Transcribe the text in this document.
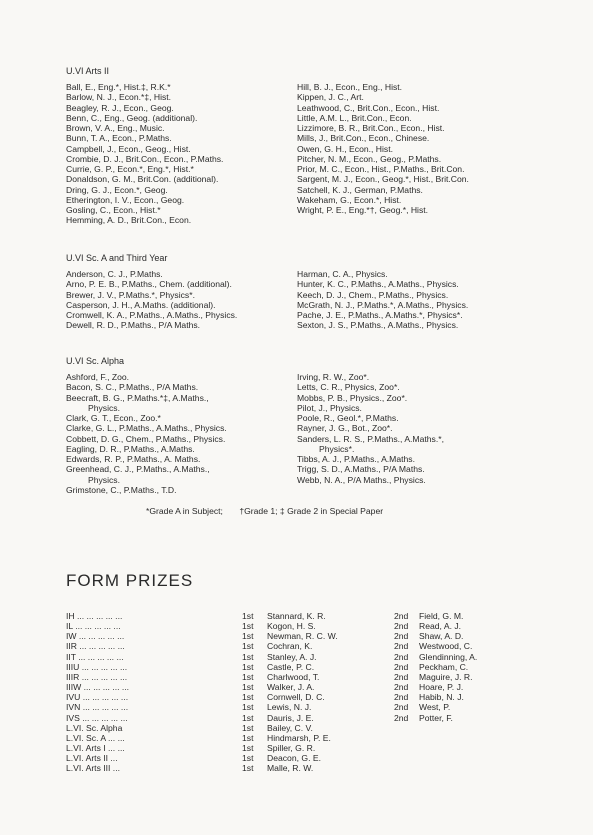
U.VI Arts II
Ball, E., Eng.*, Hist.‡, R.K.*
Barlow, N. J., Econ.*‡, Hist.
Beagley, R. J., Econ., Geog.
Benn, C., Eng., Geog. (additional).
Brown, V. A., Eng., Music.
Bunn, T. A., Econ., P.Maths.
Campbell, J., Econ., Geog., Hist.
Crombie, D. J., Brit.Con., Econ., P.Maths.
Currie, G. P., Econ.*, Eng.*, Hist.*
Donaldson, G. M., Brit.Con. (additional).
Dring, G. J., Econ.*, Geog.
Etherington, I. V., Econ., Geog.
Gosling, C., Econ., Hist.*
Hemming, A. D., Brit.Con., Econ.
Hill, B. J., Econ., Eng., Hist.
Kippen, J. C., Art.
Leathwood, C., Brit.Con., Econ., Hist.
Little, A.M. L., Brit.Con., Econ.
Lizzimore, B. R., Brit.Con., Econ., Hist.
Mills, J., Brit.Con., Econ., Chinese.
Owen, G. H., Econ., Hist.
Pitcher, N. M., Econ., Geog., P.Maths.
Prior, M. C., Econ., Hist., P.Maths., Brit.Con.
Sargent, M. J., Econ., Geog.*, Hist., Brit.Con.
Satchell, K. J., German, P.Maths.
Wakeham, G., Econ.*, Hist.
Wright, P. E., Eng.*†, Geog.*, Hist.
U.VI Sc. A and Third Year
Anderson, C. J., P.Maths.
Arno, P. E. B., P.Maths., Chem. (additional).
Brewer, J. V., P.Maths.*, Physics*.
Casperson, J. H., A.Maths. (additional).
Cromwell, K. A., P.Maths., A.Maths., Physics.
Dewell, R. D., P.Maths., P/A Maths.
Harman, C. A., Physics.
Hunter, K. C., P.Maths., A.Maths., Physics.
Keech, D. J., Chem., P.Maths., Physics.
McGrath, N. J., P.Maths.*, A.Maths., Physics.
Pache, J. E., P.Maths., A.Maths.*, Physics*.
Sexton, J. S., P.Maths., A.Maths., Physics.
U.VI Sc. Alpha
Ashford, F., Zoo.
Bacon, S. C., P.Maths., P/A Maths.
Beecraft, B. G., P.Maths.*‡, A.Maths.,
Physics.
Clark, G. T., Econ., Zoo.*
Clarke, G. L., P.Maths., A.Maths., Physics.
Cobbett, D. G., Chem., P.Maths., Physics.
Eagling, D. R., P.Maths., A.Maths.
Edwards, R. P., P.Maths., A. Maths.
Greenhead, C. J., P.Maths., A.Maths.,
Physics.
Grimstone, C., P.Maths., T.D.
Irving, R. W., Zoo*.
Letts, C. R., Physics, Zoo*.
Mobbs, P. B., Physics., Zoo*.
Pilot, J., Physics.
Poole, R., Geol.*, P.Maths.
Rayner, J. G., Bot., Zoo*.
Sanders, L. R. S., P.Maths., A.Maths.*,
Physics*.
Tibbs, A. J., P.Maths., A.Maths.
Trigg, S. D., A.Maths., P/A Maths.
Webb, N. A., P/A Maths., Physics.
*Grade A in Subject; †Grade 1; ‡ Grade 2 in Special Paper
FORM PRIZES
IH ... ... ... ... ...	1st	Stannard, K. R.	2nd	Field, G. M.
IL ... ... ... ... ...	1st	Kogon, H. S.	2nd	Read, A. J.
IW ... ... ... ... ...	1st	Newman, R. C. W.	2nd	Shaw, A. D.
IIR ... ... ... ... ...	1st	Cochran, K.	2nd	Westwood, C.
IIT ... ... ... ... ...	1st	Stanley, A. J.	2nd	Glendinning, A.
IIIU ... ... ... ... ...	1st	Castle, P. C.	2nd	Peckham, C.
IIIR ... ... ... ... ...	1st	Charlwood, T.	2nd	Maguire, J. R.
IIIW ... ... ... ... ...	1st	Walker, J. A.	2nd	Hoare, P. J.
IVU ... ... ... ... ...	1st	Cornwell, D. C.	2nd	Habib, N. J.
IVN ... ... ... ... ...	1st	Lewis, N. J.	2nd	West, P.
IVS ... ... ... ... ...	1st	Dauris, J. E.	2nd	Potter, F.
L.VI. Sc. Alpha	1st	Bailey, C. V.		
L.VI. Sc. A ... ...	1st	Hindmarsh, P. E.		
L.VI. Arts I ... ...	1st	Spiller, G. R.		
L.VI. Arts II ...	1st	Deacon, G. E.		
L.VI. Arts III ...	1st	Malle, R. W.		
